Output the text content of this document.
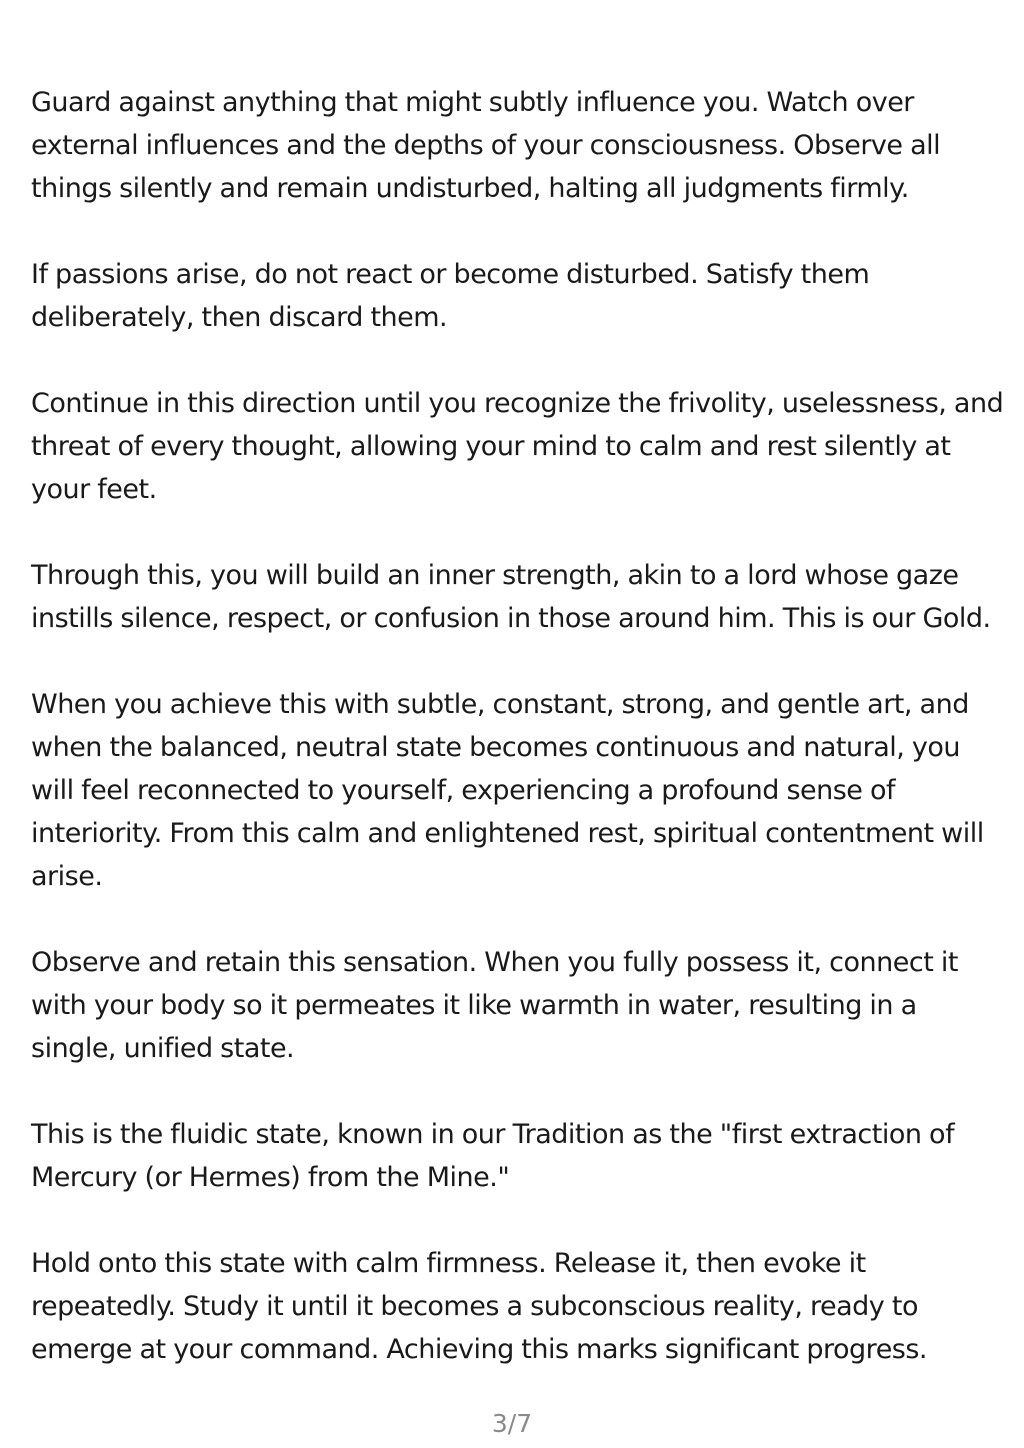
Guard against anything that might subtly influence you. Watch over external influences and the depths of your consciousness. Observe all things silently and remain undisturbed, halting all judgments firmly.

If passions arise, do not react or become disturbed. Satisfy them deliberately, then discard them.

Continue in this direction until you recognize the frivolity, uselessness, and threat of every thought, allowing your mind to calm and rest silently at your feet.

Through this, you will build an inner strength, akin to a lord whose gaze instills silence, respect, or confusion in those around him. This is our Gold.

When you achieve this with subtle, constant, strong, and gentle art, and when the balanced, neutral state becomes continuous and natural, you will feel reconnected to yourself, experiencing a profound sense of interiority. From this calm and enlightened rest, spiritual contentment will arise.

Observe and retain this sensation. When you fully possess it, connect it with your body so it permeates it like warmth in water, resulting in a single, unified state.

This is the fluidic state, known in our Tradition as the "first extraction of Mercury (or Hermes) from the Mine."

Hold onto this state with calm firmness. Release it, then evoke it repeatedly. Study it until it becomes a subconscious reality, ready to emerge at your command. Achieving this marks significant progress.

3/7
